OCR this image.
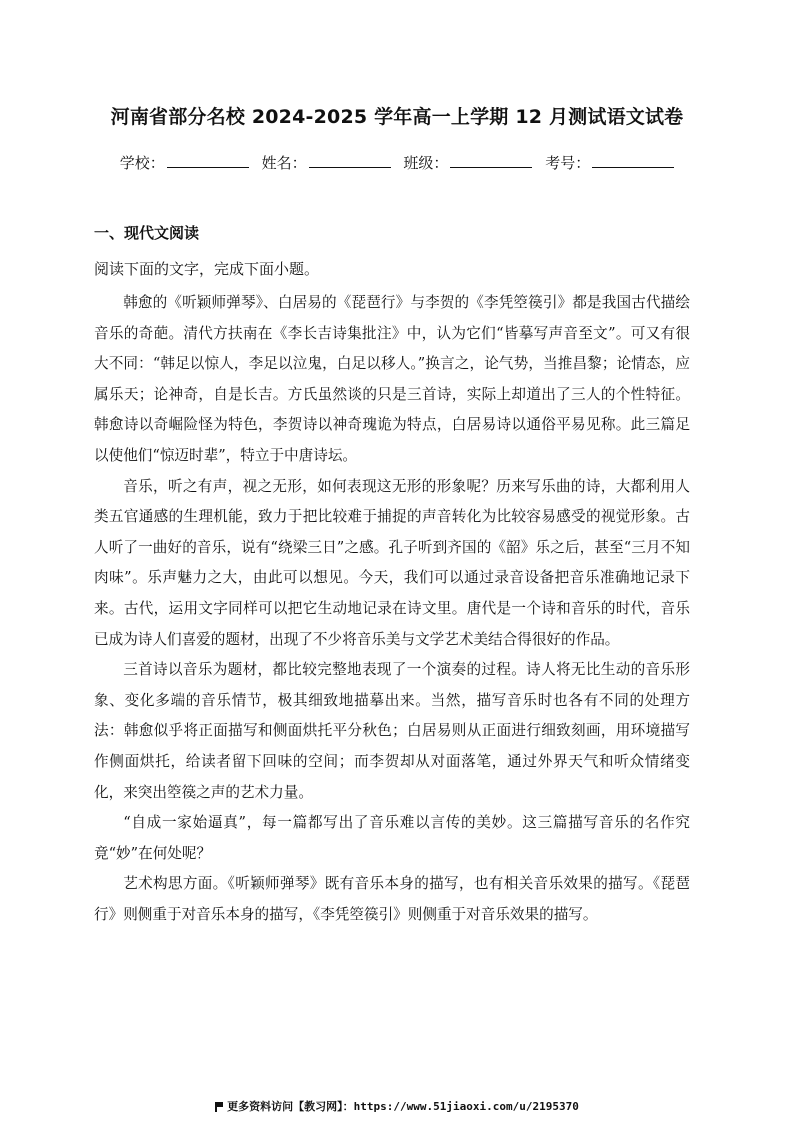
河南省部分名校 2024-2025 学年高一上学期 12 月测试语文试卷
学校：	姓名：	班级：	考号：
一、现代文阅读
阅读下面的文字，完成下面小题。

韩愈的《听颖师弹琴》、白居易的《琵琶行》与李贺的《李凭箜篌引》都是我国古代描绘音乐的奇葩。清代方扶南在《李长吉诗集批注》中，认为它们“皆摹写声音至文”。可又有很大不同：“韩足以惊人，李足以泣鬼，白足以移人。”换言之，论气势，当推昌黎；论情态，应属乐天；论神奇，自是长吉。方氏虽然谈的只是三首诗，实际上却道出了三人的个性特征。韩愈诗以奇崛险怪为特色，李贺诗以神奇瑰诡为特点，白居易诗以通俗平易见称。此三篇足以使他们“惊迈时辈”，特立于中唐诗坛。

音乐，听之有声，视之无形，如何表现这无形的形象呢？历来写乐曲的诗，大都利用人类五官通感的生理机能，致力于把比较难于捕捉的声音转化为比较容易感受的视觉形象。古人听了一曲好的音乐，说有“绕梁三日”之感。孔子听到齐国的《韶》乐之后，甚至“三月不知肉味”。乐声魅力之大，由此可以想见。今天，我们可以通过录音设备把音乐准确地记录下来。古代，运用文字同样可以把它生动地记录在诗文里。唐代是一个诗和音乐的时代，音乐已成为诗人们喜爱的题材，出现了不少将音乐美与文学艺术美结合得很好的作品。

三首诗以音乐为题材，都比较完整地表现了一个演奏的过程。诗人将无比生动的音乐形象、变化多端的音乐情节，极其细致地描摹出来。当然，描写音乐时也各有不同的处理方法：韩愈似乎将正面描写和侧面烘托平分秋色；白居易则从正面进行细致刻画，用环境描写作侧面烘托，给读者留下回味的空间；而李贺却从对面落笔，通过外界天气和听众情绪变化，来突出箜篌之声的艺术力量。

“自成一家始逼真”，每一篇都写出了音乐难以言传的美妙。这三篇描写音乐的名作究竟“妙”在何处呢？

艺术构思方面。《听颖师弹琴》既有音乐本身的描写，也有相关音乐效果的描写。《琵琶行》则侧重于对音乐本身的描写，《李凭箜篌引》则侧重于对音乐效果的描写。

更多资料访问【教习网】：https://www.51jiaoxi.com/u/2195370
